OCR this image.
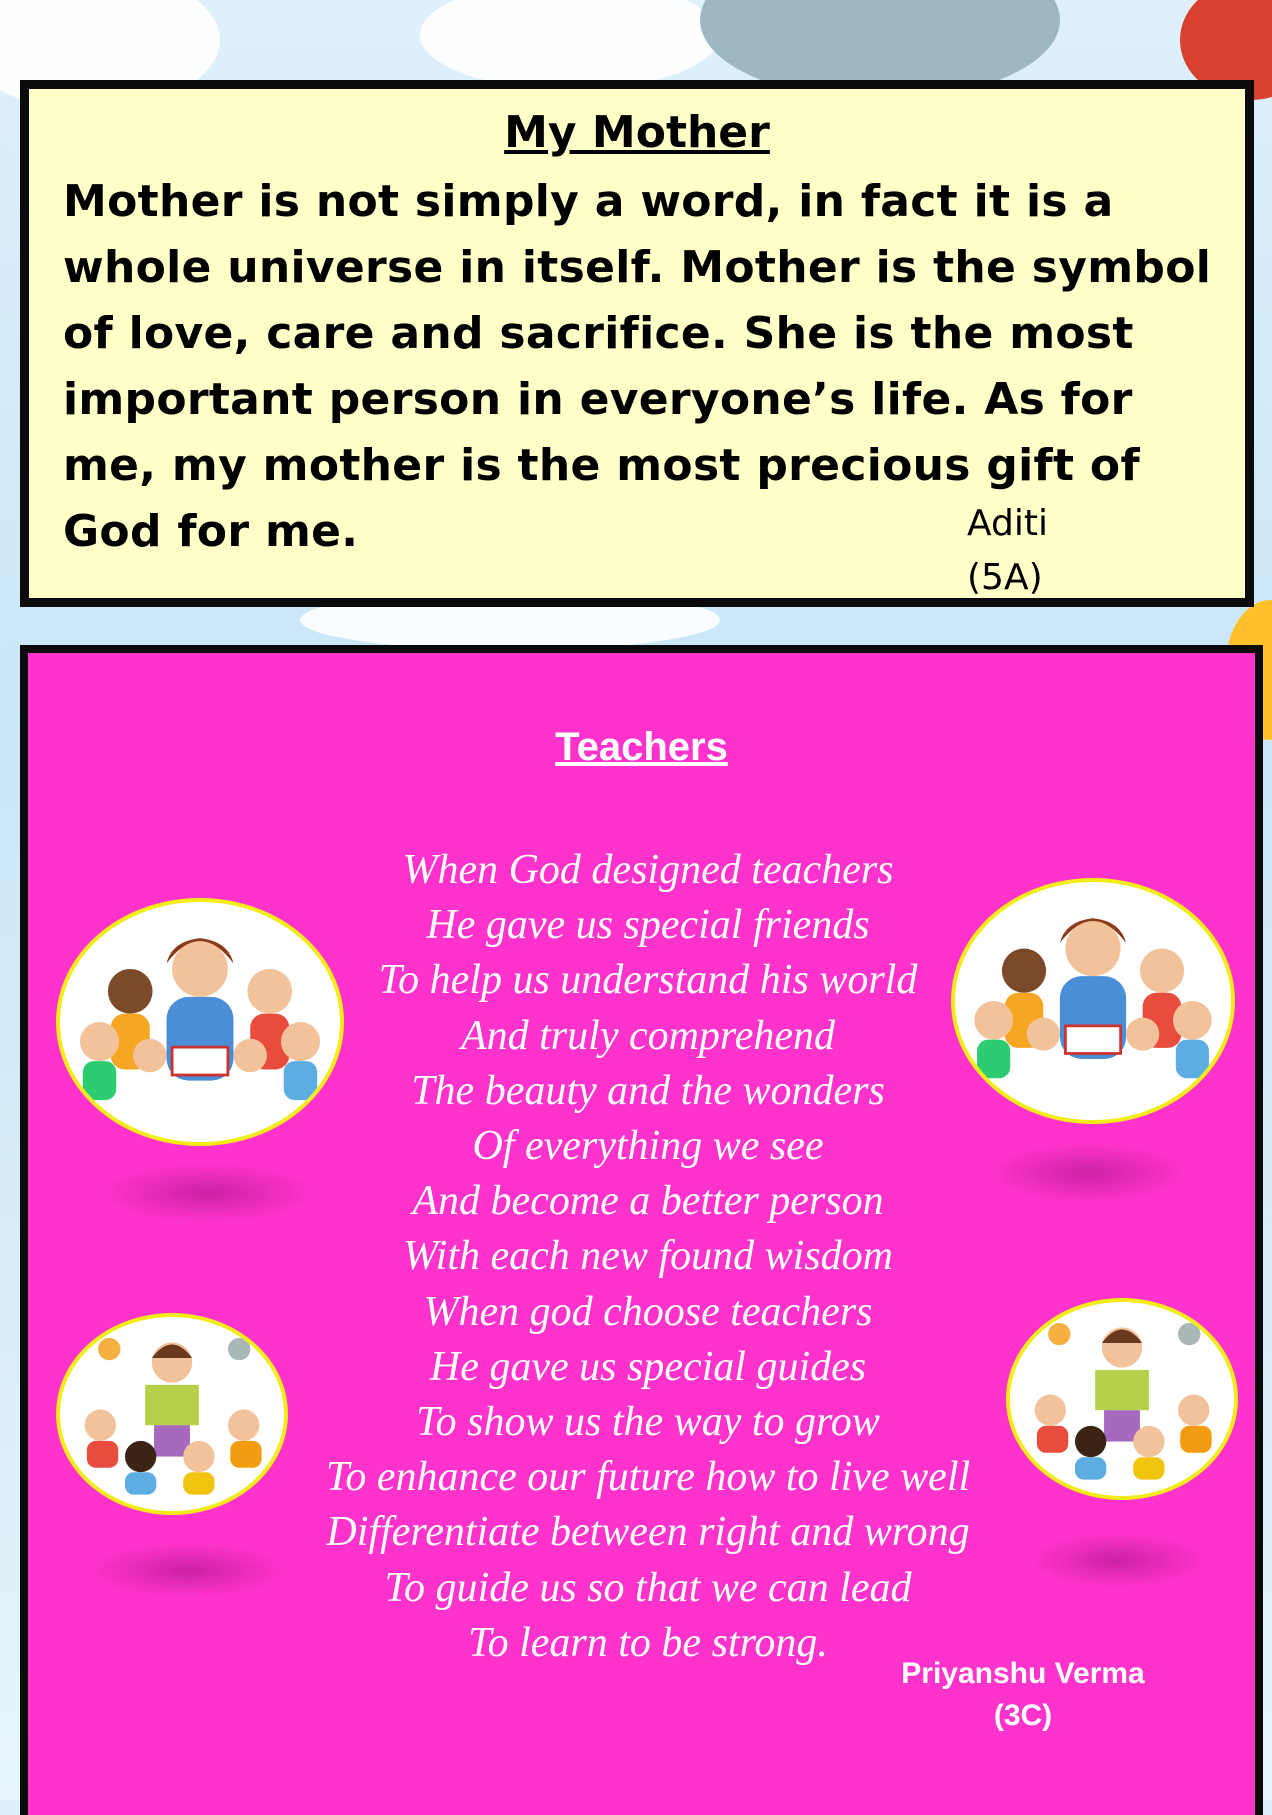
My Mother

Mother is not simply a word, in fact it is a whole universe in itself. Mother is the symbol of love, care and sacrifice. She is the most important person in everyone’s life. As for me, my mother is the most precious gift of God for me.	Aditi
(5A)
Teachers
When God designed teachers
He gave us special friends
To help us understand his world
And truly comprehend
The beauty and the wonders
Of everything we see
And become a better person
With each new found wisdom
When god choose teachers
He gave us special guides
To show us the way to grow
To enhance our future how to live well
Differentiate between right and wrong
To guide us so that we can lead
To learn to be strong.
Priyanshu Verma
(3C)
